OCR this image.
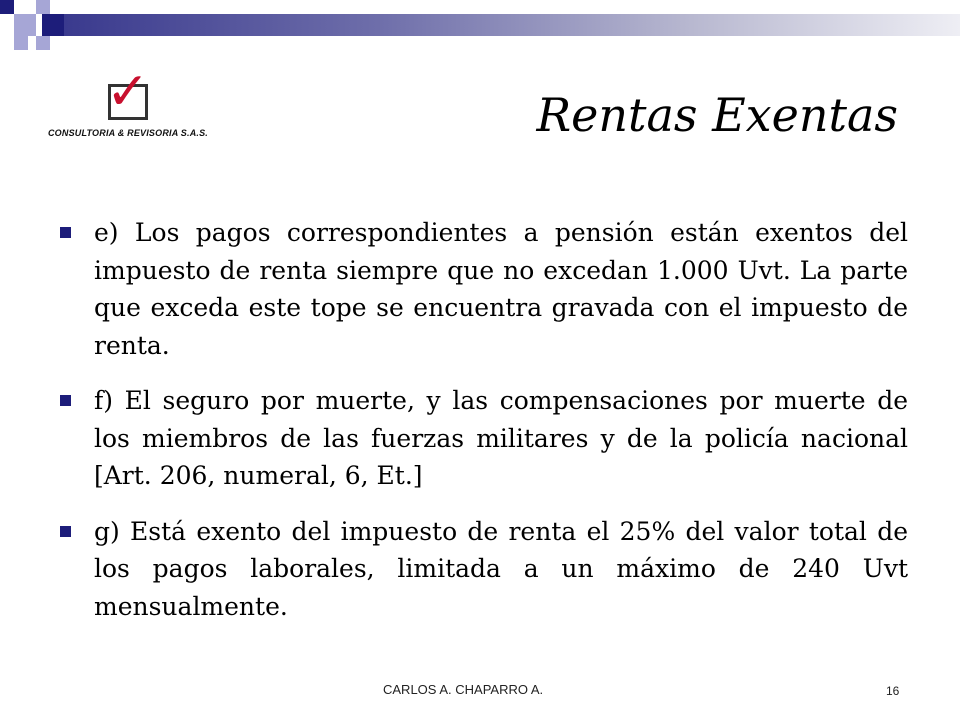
✓
CONSULTORIA & REVISORIA S.A.S.	Rentas Exentas
e) Los pagos correspondientes a pensión están exentos del impuesto de renta siempre que no excedan 1.000 Uvt. La parte que exceda este tope se encuentra gravada con el impuesto de renta.
f) El seguro por muerte, y las compensaciones por muerte de los miembros de las fuerzas militares y de la policía nacional [Art. 206, numeral, 6, Et.]
g) Está exento del impuesto de renta el 25% del valor total de los pagos laborales, limitada a un máximo de 240 Uvt mensualmente.
CARLOS A. CHAPARRO A.	16
